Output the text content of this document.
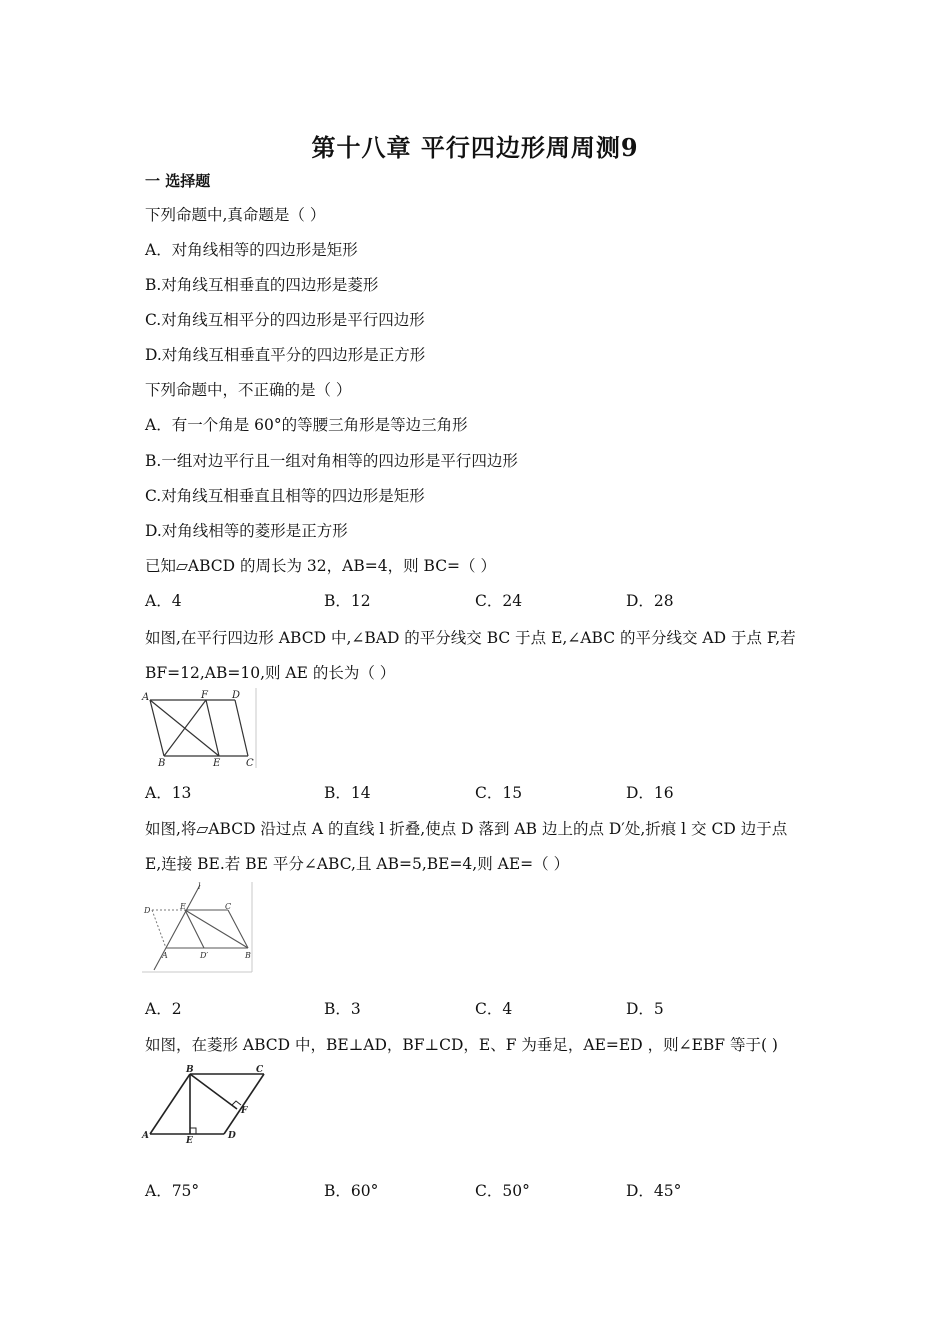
第十八章 平行四边形周周测9
一 选择题
下列命题中,真命题是（ ）
A．对角线相等的四边形是矩形
B.对角线互相垂直的四边形是菱形
C.对角线互相平分的四边形是平行四边形
D.对角线互相垂直平分的四边形是正方形
下列命题中，不正确的是（ ）
A．有一个角是 60°的等腰三角形是等边三角形
B.一组对边平行且一组对角相等的四边形是平行四边形
C.对角线互相垂直且相等的四边形是矩形
D.对角线相等的菱形是正方形
已知▱ABCD 的周长为 32，AB=4，则 BC=（ ）
A．4	B．12	C．24	D．28
如图,在平行四边形 ABCD 中,∠BAD 的平分线交 BC 于点 E,∠ABC 的平分线交 AD 于点 F,若
BF=12,AB=10,则 AE 的长为（ ）
A	F D
B	E	C
A．13	B．14	C．15	D．16
如图,将▱ABCD 沿过点 A 的直线 l 折叠,使点 D 落到 AB 边上的点 D′处,折痕 l 交 CD 边于点
E,连接 BE.若 BE 平分∠ABC,且 AB=5,BE=4,则 AE=（ ）
l
D	E	C
A	D′	B
A．2	B．3	C．4	D．5
如图，在菱形 ABCD 中，BE⊥AD，BF⊥CD，E、F 为垂足，AE=ED ，则∠EBF 等于( )
B	C
F
A	E	D
A．75°	B．60°	C．50°	D．45°
